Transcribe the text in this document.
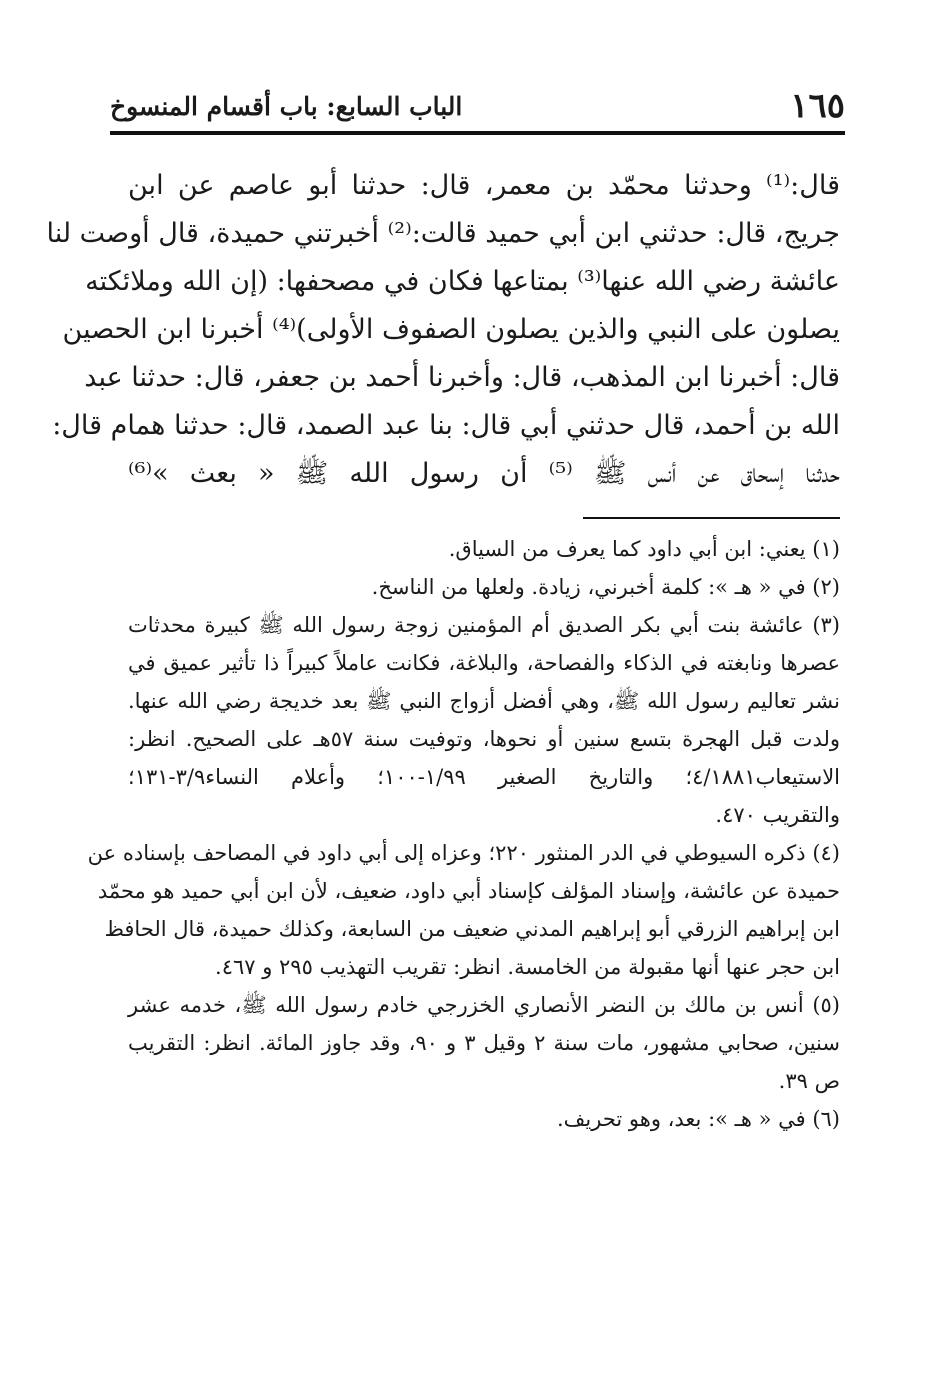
١٦٥
الباب السابع: باب أقسام المنسوخ
قال:⁽¹⁾ وحدثنا محمّد بن معمر، قال: حدثنا أبو عاصم عن ابن
جريج، قال: حدثني ابن أبي حميد قالت:⁽²⁾ أخبرتني حميدة، قال أوصت لنا
عائشة رضي الله عنها⁽³⁾ بمتاعها فكان في مصحفها: (إن الله وملائكته
يصلون على النبي والذين يصلون الصفوف الأولى)⁽⁴⁾ أخبرنا ابن الحصين
قال: أخبرنا ابن المذهب، قال: وأخبرنا أحمد بن جعفر، قال: حدثنا عبد
الله بن أحمد، قال حدثني أبي قال: بنا عبد الصمد، قال: حدثنا همام قال:
حدثنا إسحاق عن أنس ﷺ ⁽⁵⁾ أن رسول الله ﷺ « بعث »⁽⁶⁾
(١) يعني: ابن أبي داود كما يعرف من السياق.
(٢) في « هـ »: كلمة أخبرني، زيادة. ولعلها من الناسخ.
(٣) عائشة بنت أبي بكر الصديق أم المؤمنين زوجة رسول الله ﷺ كبيرة محدثات
عصرها ونابغته في الذكاء والفصاحة، والبلاغة، فكانت عاملاً كبيراً ذا تأثير عميق في
نشر تعاليم رسول الله ﷺ، وهي أفضل أزواج النبي ﷺ بعد خديجة رضي الله عنها.
ولدت قبل الهجرة بتسع سنين أو نحوها، وتوفيت سنة ٥٧هـ على الصحيح. انظر:
الاستيعاب٤/١٨٨١؛ والتاريخ الصغير ١/٩٩-١٠٠؛ وأعلام النساء٣/٩-١٣١؛
والتقريب ٤٧٠.
(٤) ذكره السيوطي في الدر المنثور ٢٢٠؛ وعزاه إلى أبي داود في المصاحف بإسناده عن
حميدة عن عائشة، وإسناد المؤلف كإسناد أبي داود، ضعيف، لأن ابن أبي حميد هو محمّد
ابن إبراهيم الزرقي أبو إبراهيم المدني ضعيف من السابعة، وكذلك حميدة، قال الحافظ
ابن حجر عنها أنها مقبولة من الخامسة. انظر: تقريب التهذيب ٢٩٥ و ٤٦٧.
(٥) أنس بن مالك بن النضر الأنصاري الخزرجي خادم رسول الله ﷺ، خدمه عشر
سنين، صحابي مشهور، مات سنة ٢ وقيل ٣ و ٩٠، وقد جاوز المائة. انظر: التقريب
ص ٣٩.
(٦) في « هـ »: بعد، وهو تحريف.
